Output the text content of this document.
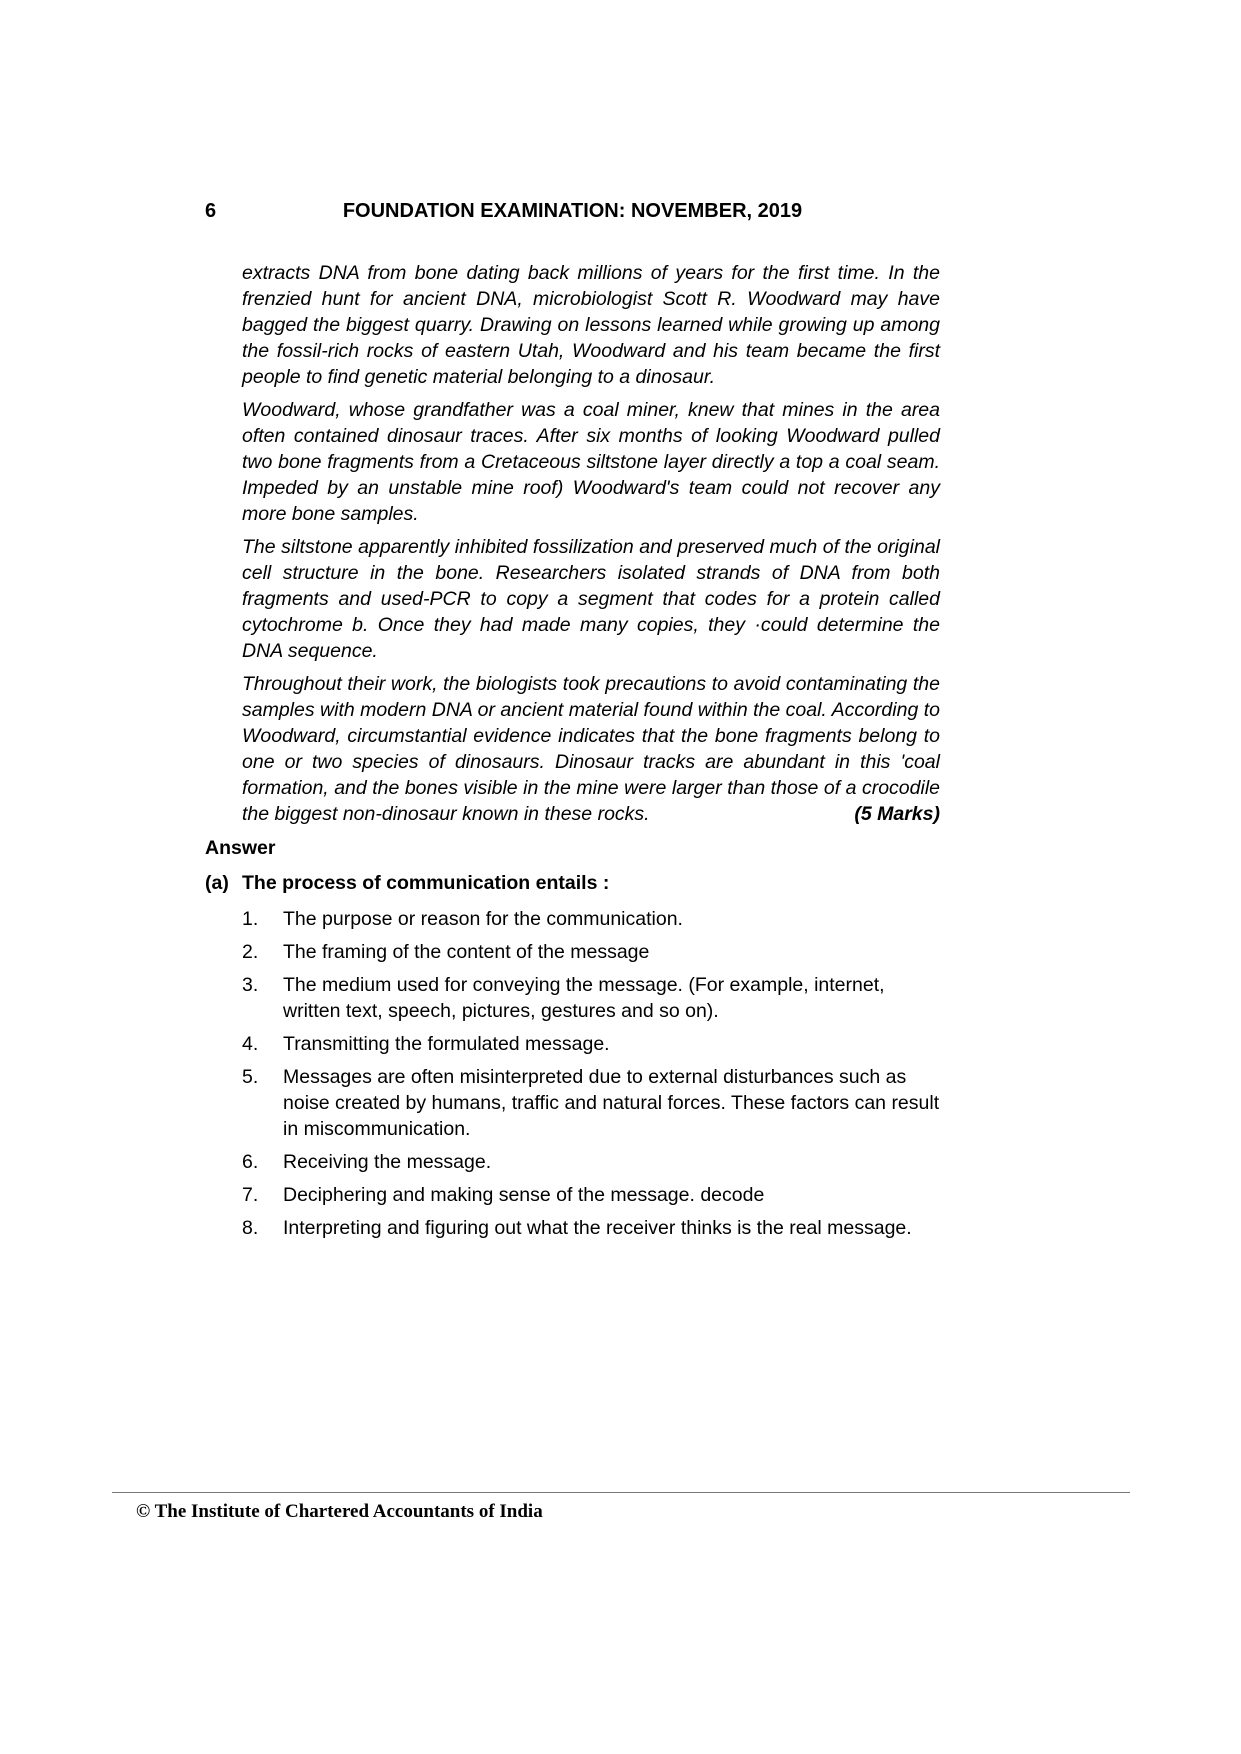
6	FOUNDATION EXAMINATION: NOVEMBER, 2019

extracts DNA from bone dating back millions of years for the first time. In the frenzied hunt for ancient DNA, microbiologist Scott R. Woodward may have bagged the biggest quarry. Drawing on lessons learned while growing up among the fossil-rich rocks of eastern Utah, Woodward and his team became the first people to find genetic material belonging to a dinosaur.

Woodward, whose grandfather was a coal miner, knew that mines in the area often contained dinosaur traces. After six months of looking Woodward pulled two bone fragments from a Cretaceous siltstone layer directly a top a coal seam. Impeded by an unstable mine roof) Woodward's team could not recover any more bone samples.

The siltstone apparently inhibited fossilization and preserved much of the original cell structure in the bone. Researchers isolated strands of DNA from both fragments and used-PCR to copy a segment that codes for a protein called cytochrome b. Once they had made many copies, they ·could determine the DNA sequence.

Throughout their work, the biologists took precautions to avoid contaminating the samples with modern DNA or ancient material found within the coal. According to Woodward, circumstantial evidence indicates that the bone fragments belong to one or two species of dinosaurs. Dinosaur tracks are abundant in this 'coal formation, and the bones visible in the mine were larger than those of a crocodile the biggest non-dinosaur known in these rocks.	(5 Marks)

Answer
(a) The process of communication entails :
1.	The purpose or reason for the communication.
2.	The framing of the content of the message
3.	The medium used for conveying the message. (For example, internet, written text, speech, pictures, gestures and so on).
4.	Transmitting the formulated message.
5.	Messages are often misinterpreted due to external disturbances such as noise created by humans, traffic and natural forces. These factors can result in miscommunication.
6.	Receiving the message.
7.	Deciphering and making sense of the message. decode
8.	Interpreting and figuring out what the receiver thinks is the real message.
© The Institute of Chartered Accountants of India
